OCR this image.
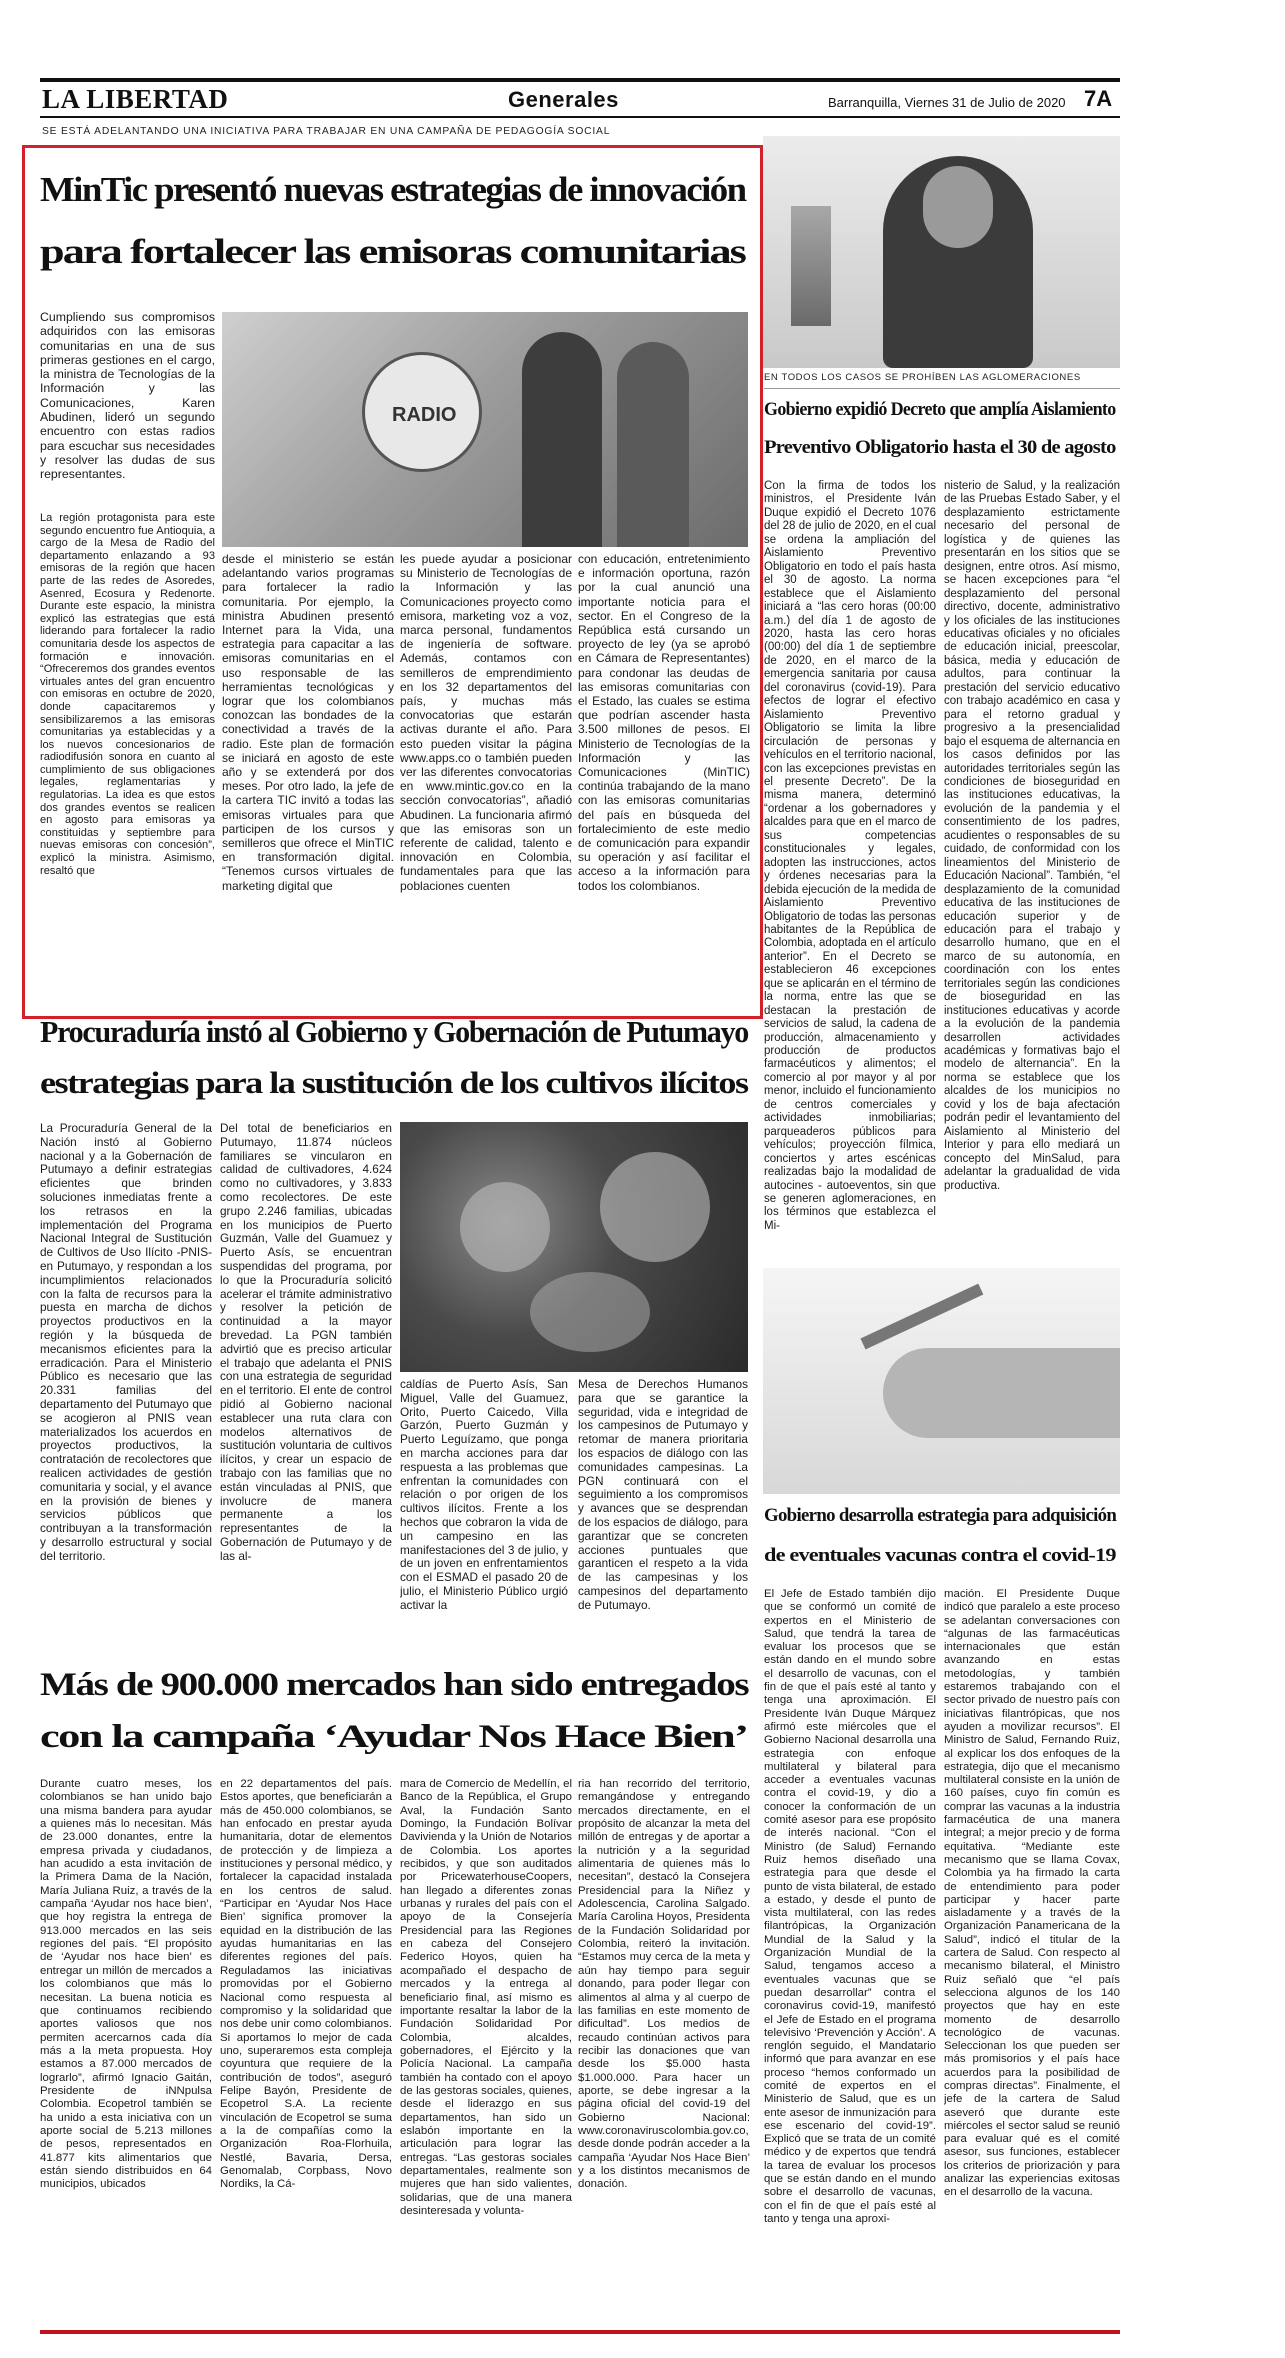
LA LIBERTAD	Generales	Barranquilla, Viernes 31 de Julio de 2020 7A
SE ESTÁ ADELANTANDO UNA INICIATIVA PARA TRABAJAR EN UNA CAMPAÑA DE PEDAGOGÍA SOCIAL
MinTic presentó nuevas estrategias de innovación
para fortalecer las emisoras comunitarias

Cumpliendo sus compromisos adquiridos con las emisoras comunitarias en una de sus primeras gestiones en el cargo, la ministra de Tecnologías de la Información y las Comunicaciones, Karen Abudinen, lideró un segundo encuentro con estas radios para escuchar sus necesidades y resolver las dudas de sus representantes.

RADIO

La región protagonista para este segundo encuentro fue Antioquia, a cargo de la Mesa de Radio del departamento enlazando a 93 emisoras de la región que hacen parte de las redes de Asoredes, Asenred, Ecosura y Redenorte. Durante este espacio, la ministra explicó las estrategias que está liderando para fortalecer la radio comunitaria desde los aspectos de formación e innovación. “Ofreceremos dos grandes eventos virtuales antes del gran encuentro con emisoras en octubre de 2020, donde capacitaremos y sensibilizaremos a las emisoras comunitarias ya establecidas y a los nuevos concesionarios de radiodifusión sonora en cuanto al cumplimiento de sus obligaciones legales, reglamentarias y regulatorias. La idea es que estos dos grandes eventos se realicen en agosto para emisoras ya constituidas y septiembre para nuevas emisoras con concesión”, explicó la ministra. Asimismo, resaltó que

desde el ministerio se están adelantando varios programas para fortalecer la radio comunitaria. Por ejemplo, la ministra Abudinen presentó Internet para la Vida, una estrategia para capacitar a las emisoras comunitarias en el uso responsable de las herramientas tecnológicas y lograr que los colombianos conozcan las bondades de la conectividad a través de la radio. Este plan de formación se iniciará en agosto de este año y se extenderá por dos meses. Por otro lado, la jefe de la cartera TIC invitó a todas las emisoras virtuales para que participen de los cursos y semilleros que ofrece el MinTIC en transformación digital. “Tenemos cursos virtuales de marketing digital que

les puede ayudar a posicionar su Ministerio de Tecnologías de la Información y las Comunicaciones proyecto como emisora, marketing voz a voz, marca personal, fundamentos de ingeniería de software. Además, contamos con semilleros de emprendimiento en los 32 departamentos del país, y muchas más convocatorias que estarán activas durante el año. Para esto pueden visitar la página www.apps.co o también pueden ver las diferentes convocatorias en www.mintic.gov.co en la sección convocatorias”, añadió Abudinen. La funcionaria afirmó que las emisoras son un referente de calidad, talento e innovación en Colombia, fundamentales para que las poblaciones cuenten

con educación, entretenimiento e información oportuna, razón por la cual anunció una importante noticia para el sector. En el Congreso de la República está cursando un proyecto de ley (ya se aprobó en Cámara de Representantes) para condonar las deudas de las emisoras comunitarias con el Estado, las cuales se estima que podrían ascender hasta 3.500 millones de pesos. El Ministerio de Tecnologías de la Información y las Comunicaciones (MinTIC) continúa trabajando de la mano con las emisoras comunitarias del país en búsqueda del fortalecimiento de este medio de comunicación para expandir su operación y así facilitar el acceso a la información para todos los colombianos.

EN TODOS LOS CASOS SE PROHÍBEN LAS AGLOMERACIONES
Gobierno expidió Decreto que amplía Aislamiento
Preventivo Obligatorio hasta el 30 de agosto

Con la firma de todos los ministros, el Presidente Iván Duque expidió el Decreto 1076 del 28 de julio de 2020, en el cual se ordena la ampliación del Aislamiento Preventivo Obligatorio en todo el país hasta el 30 de agosto. La norma establece que el Aislamiento iniciará a “las cero horas (00:00 a.m.) del día 1 de agosto de 2020, hasta las cero horas (00:00) del día 1 de septiembre de 2020, en el marco de la emergencia sanitaria por causa del coronavirus (covid-19). Para efectos de lograr el efectivo Aislamiento Preventivo Obligatorio se limita la libre circulación de personas y vehículos en el territorio nacional, con las excepciones previstas en el presente Decreto”. De la misma manera, determinó “ordenar a los gobernadores y alcaldes para que en el marco de sus competencias constitucionales y legales, adopten las instrucciones, actos y órdenes necesarias para la debida ejecución de la medida de Aislamiento Preventivo Obligatorio de todas las personas habitantes de la República de Colombia, adoptada en el artículo anterior”. En el Decreto se establecieron 46 excepciones que se aplicarán en el término de la norma, entre las que se destacan la prestación de servicios de salud, la cadena de producción, almacenamiento y producción de productos farmacéuticos y alimentos; el comercio al por mayor y al por menor, incluido el funcionamiento de centros comerciales y actividades inmobiliarias; parqueaderos públicos para vehículos; proyección fílmica, conciertos y artes escénicas realizadas bajo la modalidad de autocines - autoeventos, sin que se generen aglomeraciones, en los términos que establezca el Mi-

nisterio de Salud, y la realización de las Pruebas Estado Saber, y el desplazamiento estrictamente necesario del personal de logística y de quienes las presentarán en los sitios que se designen, entre otros. Así mismo, se hacen excepciones para “el desplazamiento del personal directivo, docente, administrativo y los oficiales de las instituciones educativas oficiales y no oficiales de educación inicial, preescolar, básica, media y educación de adultos, para continuar la prestación del servicio educativo con trabajo académico en casa y para el retorno gradual y progresivo a la presencialidad bajo el esquema de alternancia en los casos definidos por las autoridades territoriales según las condiciones de bioseguridad en las instituciones educativas, la evolución de la pandemia y el consentimiento de los padres, acudientes o responsables de su cuidado, de conformidad con los lineamientos del Ministerio de Educación Nacional”. También, “el desplazamiento de la comunidad educativa de las instituciones de educación superior y de educación para el trabajo y desarrollo humano, que en el marco de su autonomía, en coordinación con los entes territoriales según las condiciones de bioseguridad en las instituciones educativas y acorde a la evolución de la pandemia desarrollen actividades académicas y formativas bajo el modelo de alternancia”. En la norma se establece que los alcaldes de los municipios no covid y los de baja afectación podrán pedir el levantamiento del Aislamiento al Ministerio del Interior y para ello mediará un concepto del MinSalud, para adelantar la gradualidad de vida productiva.

Procuraduría instó al Gobierno y Gobernación de Putumayo
estrategias para la sustitución de los cultivos ilícitos

La Procuraduría General de la Nación instó al Gobierno nacional y a la Gobernación de Putumayo a definir estrategias eficientes que brinden soluciones inmediatas frente a los retrasos en la implementación del Programa Nacional Integral de Sustitución de Cultivos de Uso Ilícito -PNIS- en Putumayo, y respondan a los incumplimientos relacionados con la falta de recursos para la puesta en marcha de dichos proyectos productivos en la región y la búsqueda de mecanismos eficientes para la erradicación. Para el Ministerio Público es necesario que las 20.331 familias del departamento del Putumayo que se acogieron al PNIS vean materializados los acuerdos en proyectos productivos, la contratación de recolectores que realicen actividades de gestión comunitaria y social, y el avance en la provisión de bienes y servicios públicos que contribuyan a la transformación y desarrollo estructural y social del territorio.

Del total de beneficiarios en Putumayo, 11.874 núcleos familiares se vincularon en calidad de cultivadores, 4.624 como no cultivadores, y 3.833 como recolectores. De este grupo 2.246 familias, ubicadas en los municipios de Puerto Guzmán, Valle del Guamuez y Puerto Asís, se encuentran suspendidas del programa, por lo que la Procuraduría solicitó acelerar el trámite administrativo y resolver la petición de continuidad a la mayor brevedad. La PGN también advirtió que es preciso articular el trabajo que adelanta el PNIS con una estrategia de seguridad en el territorio. El ente de control pidió al Gobierno nacional establecer una ruta clara con modelos alternativos de sustitución voluntaria de cultivos ilícitos, y crear un espacio de trabajo con las familias que no están vinculadas al PNIS, que involucre de manera permanente a los representantes de la Gobernación de Putumayo y de las al-

caldías de Puerto Asís, San Miguel, Valle del Guamuez, Orito, Puerto Caicedo, Villa Garzón, Puerto Guzmán y Puerto Leguízamo, que ponga en marcha acciones para dar respuesta a las problemas que enfrentan la comunidades con relación o por origen de los cultivos ilícitos. Frente a los hechos que cobraron la vida de un campesino en las manifestaciones del 3 de julio, y de un joven en enfrentamientos con el ESMAD el pasado 20 de julio, el Ministerio Público urgió activar la

Mesa de Derechos Humanos para que se garantice la seguridad, vida e integridad de los campesinos de Putumayo y retomar de manera prioritaria los espacios de diálogo con las comunidades campesinas. La PGN continuará con el seguimiento a los compromisos y avances que se desprendan de los espacios de diálogo, para garantizar que se concreten acciones puntuales que garanticen el respeto a la vida de las campesinas y los campesinos del departamento de Putumayo.

Gobierno desarrolla estrategia para adquisición
de eventuales vacunas contra el covid-19

El Jefe de Estado también dijo que se conformó un comité de expertos en el Ministerio de Salud, que tendrá la tarea de evaluar los procesos que se están dando en el mundo sobre el desarrollo de vacunas, con el fin de que el país esté al tanto y tenga una aproximación. El Presidente Iván Duque Márquez afirmó este miércoles que el Gobierno Nacional desarrolla una estrategia con enfoque multilateral y bilateral para acceder a eventuales vacunas contra el covid-19, y dio a conocer la conformación de un comité asesor para ese propósito de interés nacional. “Con el Ministro (de Salud) Fernando Ruiz hemos diseñado una estrategia para que desde el punto de vista bilateral, de estado a estado, y desde el punto de vista multilateral, con las redes filantrópicas, la Organización Mundial de la Salud y la Organización Mundial de la Salud, tengamos acceso a eventuales vacunas que se puedan desarrollar” contra el coronavirus covid-19, manifestó el Jefe de Estado en el programa televisivo ‘Prevención y Acción’. A renglón seguido, el Mandatario informó que para avanzar en ese proceso “hemos conformado un comité de expertos en el Ministerio de Salud, que es un ente asesor de inmunización para ese escenario del covid-19”. Explicó que se trata de un comité médico y de expertos que tendrá la tarea de evaluar los procesos que se están dando en el mundo sobre el desarrollo de vacunas, con el fin de que el país esté al tanto y tenga una aproxi-

mación. El Presidente Duque indicó que paralelo a este proceso se adelantan conversaciones con “algunas de las farmacéuticas internacionales que están avanzando en estas metodologías, y también estaremos trabajando con el sector privado de nuestro país con iniciativas filantrópicas, que nos ayuden a movilizar recursos”. El Ministro de Salud, Fernando Ruiz, al explicar los dos enfoques de la estrategia, dijo que el mecanismo multilateral consiste en la unión de 160 países, cuyo fin común es comprar las vacunas a la industria farmacéutica de una manera integral; a mejor precio y de forma equitativa. “Mediante este mecanismo que se llama Covax, Colombia ya ha firmado la carta de entendimiento para poder participar y hacer parte aisladamente y a través de la Organización Panamericana de la Salud”, indicó el titular de la cartera de Salud. Con respecto al mecanismo bilateral, el Ministro Ruiz señaló que “el país selecciona algunos de los 140 proyectos que hay en este momento de desarrollo tecnológico de vacunas. Seleccionan los que pueden ser más promisorios y el país hace acuerdos para la posibilidad de compras directas”. Finalmente, el jefe de la cartera de Salud aseveró que durante este miércoles el sector salud se reunió para evaluar qué es el comité asesor, sus funciones, establecer los criterios de priorización y para analizar las experiencias exitosas en el desarrollo de la vacuna.

Más de 900.000 mercados han sido entregados
con la campaña ‘Ayudar Nos Hace Bien’

Durante cuatro meses, los colombianos se han unido bajo una misma bandera para ayudar a quienes más lo necesitan. Más de 23.000 donantes, entre la empresa privada y ciudadanos, han acudido a esta invitación de la Primera Dama de la Nación, María Juliana Ruiz, a través de la campaña ‘Ayudar nos hace bien’, que hoy registra la entrega de 913.000 mercados en las seis regiones del país. “El propósito de ‘Ayudar nos hace bien’ es entregar un millón de mercados a los colombianos que más lo necesitan. La buena noticia es que continuamos recibiendo aportes valiosos que nos permiten acercarnos cada día más a la meta propuesta. Hoy estamos a 87.000 mercados de lograrlo”, afirmó Ignacio Gaitán, Presidente de iNNpulsa Colombia. Ecopetrol también se ha unido a esta iniciativa con un aporte social de 5.213 millones de pesos, representados en 41.877 kits alimentarios que están siendo distribuidos en 64 municipios, ubicados

en 22 departamentos del país. Estos aportes, que beneficiarán a más de 450.000 colombianos, se han enfocado en prestar ayuda humanitaria, dotar de elementos de protección y de limpieza a instituciones y personal médico, y fortalecer la capacidad instalada en los centros de salud. “Participar en ‘Ayudar Nos Hace Bien’ significa promover la equidad en la distribución de las ayudas humanitarias en las diferentes regiones del país. Reguladamos las iniciativas promovidas por el Gobierno Nacional como respuesta al compromiso y la solidaridad que nos debe unir como colombianos. Si aportamos lo mejor de cada uno, superaremos esta compleja coyuntura que requiere de la contribución de todos”, aseguró Felipe Bayón, Presidente de Ecopetrol S.A. La reciente vinculación de Ecopetrol se suma a la de compañías como la Organización Roa-Florhuila, Nestlé, Bavaria, Dersa, Genomalab, Corpbass, Novo Nordiks, la Cá-

mara de Comercio de Medellín, el Banco de la República, el Grupo Aval, la Fundación Santo Domingo, la Fundación Bolívar Davivienda y la Unión de Notarios de Colombia. Los aportes recibidos, y que son auditados por PricewaterhouseCoopers, han llegado a diferentes zonas urbanas y rurales del país con el apoyo de la Consejería Presidencial para las Regiones en cabeza del Consejero Federico Hoyos, quien ha acompañado el despacho de mercados y la entrega al beneficiario final, así mismo es importante resaltar la labor de la Fundación Solidaridad Por Colombia, alcaldes, gobernadores, el Ejército y la Policía Nacional. La campaña también ha contado con el apoyo de las gestoras sociales, quienes, desde el liderazgo en sus departamentos, han sido un eslabón importante en la articulación para lograr las entregas. “Las gestoras sociales departamentales, realmente son mujeres que han sido valientes, solidarias, que de una manera desinteresada y volunta-

ria han recorrido del territorio, remangándose y entregando mercados directamente, en el propósito de alcanzar la meta del millón de entregas y de aportar a la nutrición y a la seguridad alimentaria de quienes más lo necesitan”, destacó la Consejera Presidencial para la Niñez y Adolescencia, Carolina Salgado. María Carolina Hoyos, Presidenta de la Fundación Solidaridad por Colombia, reiteró la invitación. “Estamos muy cerca de la meta y aún hay tiempo para seguir donando, para poder llegar con alimentos al alma y al cuerpo de las familias en este momento de dificultad”. Los medios de recaudo continúan activos para recibir las donaciones que van desde los $5.000 hasta $1.000.000. Para hacer un aporte, se debe ingresar a la página oficial del covid-19 del Gobierno Nacional: www.coronaviruscolombia.gov.co, desde donde podrán acceder a la campaña ‘Ayudar Nos Hace Bien’ y a los distintos mecanismos de donación.
